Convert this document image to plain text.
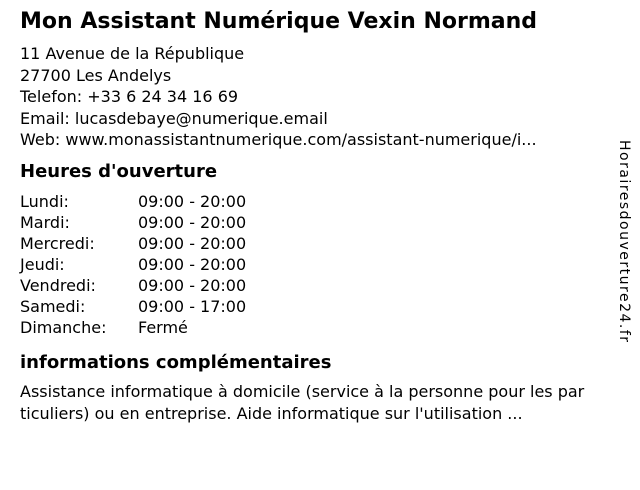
Mon Assistant Numérique Vexin Normand
11 Avenue de la République
27700 Les Andelys
Telefon: +33 6 24 34 16 69
Email: lucasdebaye@numerique.email
Web: www.monassistantnumerique.com/assistant-numerique/i...
Heures d'ouverture
Lundi:	09:00 - 20:00
Mardi:	09:00 - 20:00
Mercredi:	09:00 - 20:00
Jeudi:	09:00 - 20:00
Vendredi:	09:00 - 20:00
Samedi:	09:00 - 17:00
Dimanche: Fermé
informations complémentaires
Assistance informatique à domicile (service à la personne pour les par
ticuliers) ou en entreprise. Aide informatique sur l'utilisation ...
Horairesdouverture24.fr
